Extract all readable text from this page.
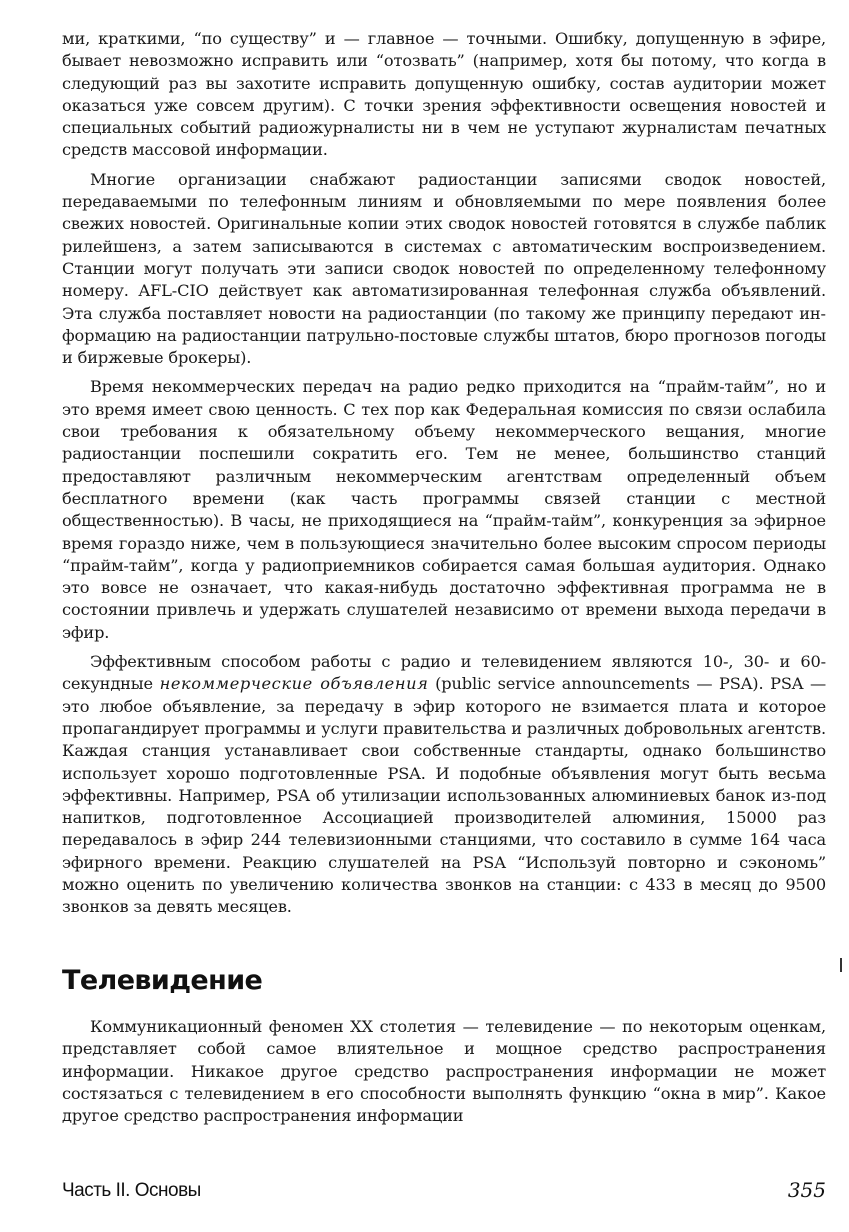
ми, краткими, “по существу” и — главное — точными. Ошибку, допущенную в эфире, бывает невозможно исправить или “отозвать” (например, хотя бы потому, что когда в следующий раз вы захотите исправить допущенную ошибку, состав аудитории может оказаться уже совсем другим). С точки зрения эффективности освещения новостей и специальных событий радиожурналисты ни в чем не уступают журналистам печатных средств массовой информации.

Многие организации снабжают радиостанции записями сводок новостей, передаваемыми по телефонным линиям и обновляемыми по мере появления более свежих новостей. Оригинальные копии этих сводок новостей готовятся в службе паблик рилейшенз, а затем записываются в системах с автоматическим воспроизведением. Станции могут получать эти записи сводок новостей по определенному телефонному номеру. AFL-CIO действует как автоматизированная телефонная служба объявлений. Эта служба поставляет новости на радиостанции (по такому же принципу передают информацию на радиостанции патрульно-постовые службы штатов, бюро прогнозов погоды и биржевые брокеры).

Время некоммерческих передач на радио редко приходится на “прайм-тайм”, но и это время имеет свою ценность. С тех пор как Федеральная комиссия по связи ослабила свои требования к обязательному объему некоммерческого вещания, многие радиостанции поспешили сократить его. Тем не менее, большинство станций предоставляют различным некоммерческим агентствам определенный объем бесплатного времени (как часть программы связей станции с местной общественностью). В часы, не приходящиеся на “прайм-тайм”, конкуренция за эфирное время гораздо ниже, чем в пользующиеся значительно более высоким спросом периоды “прайм-тайм”, когда у радиоприемников собирается самая большая аудитория. Однако это вовсе не означает, что какая-нибудь достаточно эффективная программа не в состоянии привлечь и удержать слушателей независимо от времени выхода передачи в эфир.

Эффективным способом работы с радио и телевидением являются 10-, 30- и 60-секундные некоммерческие объявления (public service announcements — PSA). PSA — это любое объявление, за передачу в эфир которого не взимается плата и которое пропагандирует программы и услуги правительства и различных добровольных агентств. Каждая станция устанавливает свои собственные стандарты, однако большинство использует хорошо подготовленные PSA. И подобные объявления могут быть весьма эффективны. Например, PSA об утилизации использованных алюминиевых банок из-под напитков, подготовленное Ассоциацией производителей алюминия, 15000 раз передавалось в эфир 244 телевизионными станциями, что составило в сумме 164 часа эфирного времени. Реакцию слушателей на PSA “Используй повторно и сэкономь” можно оценить по увеличению количества звонков на станции: с 433 в месяц до 9500 звонков за девять месяцев.

Телевидение

Коммуникационный феномен XX столетия — телевидение — по некоторым оценкам, представляет собой самое влиятельное и мощное средство распространения информации. Никакое другое средство распространения информации не может состязаться с телевидением в его способности выполнять функцию “окна в мир”. Какое другое средство распространения информации

Часть II. Основы	355
